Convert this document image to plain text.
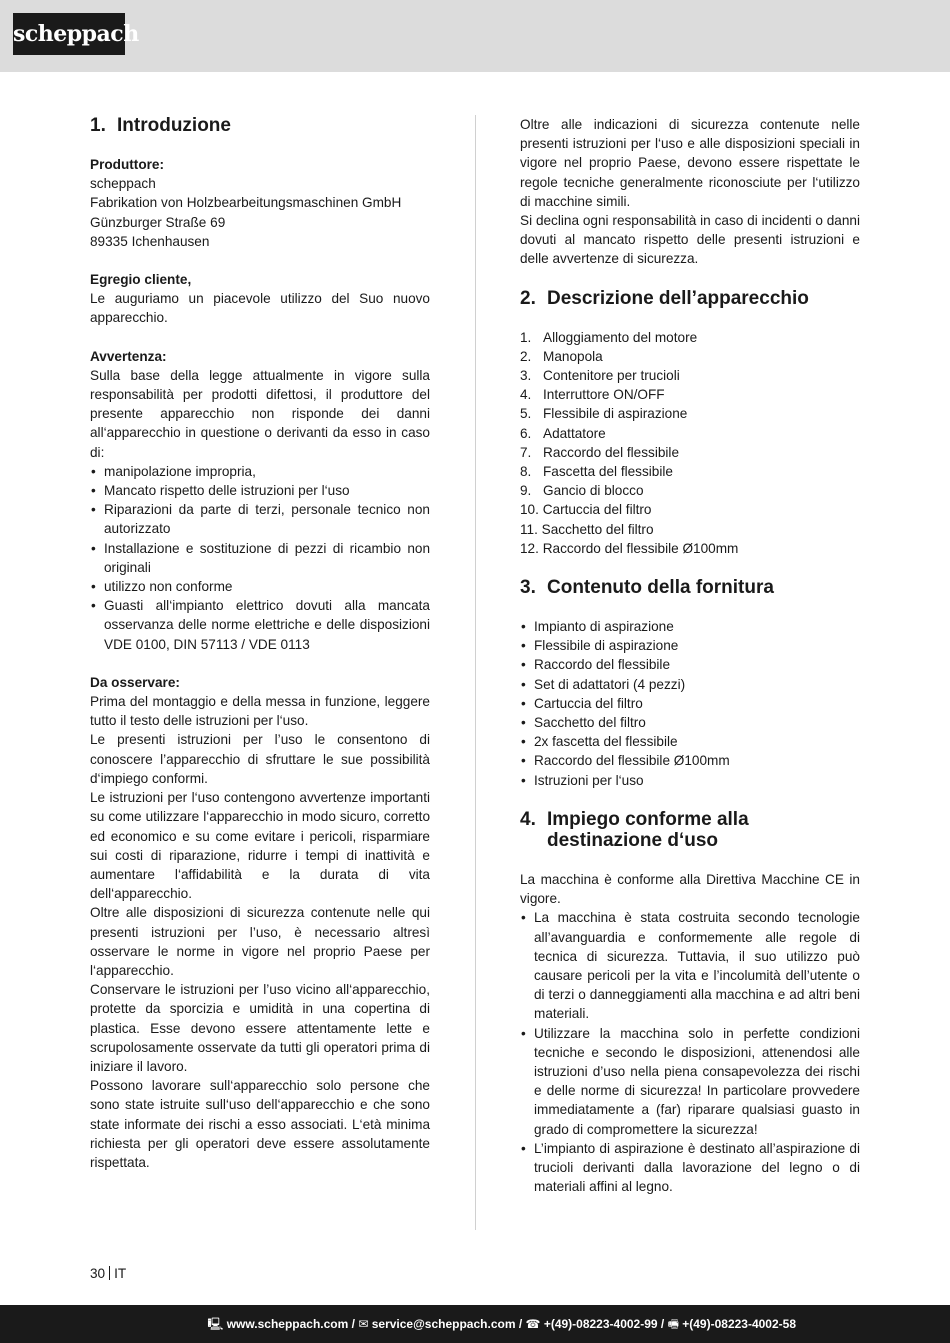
scheppach
1. Introduzione

Produttore:

scheppach

Fabrikation von Holzbearbeitungsmaschinen GmbH

Günzburger Straße 69

89335 Ichenhausen

Egregio cliente,

Le auguriamo un piacevole utilizzo del Suo nuovo apparecchio.

Avvertenza:

Sulla base della legge attualmente in vigore sulla responsabilità per prodotti difettosi, il produttore del presente apparecchio non risponde dei danni all‘apparecchio in questione o derivanti da esso in caso di:

• manipolazione impropria,
• Mancato rispetto delle istruzioni per l‘uso
• Riparazioni da parte di terzi, personale tecnico non autorizzato
• Installazione e sostituzione di pezzi di ricambio non originali
• utilizzo non conforme
• Guasti all‘impianto elettrico dovuti alla mancata osservanza delle norme elettriche e delle disposizioni VDE 0100, DIN 57113 / VDE 0113

Da osservare:

Prima del montaggio e della messa in funzione, leggere tutto il testo delle istruzioni per l‘uso.

Le presenti istruzioni per l’uso le consentono di conoscere l’apparecchio di sfruttare le sue possibilità d‘impiego conformi.

Le istruzioni per l‘uso contengono avvertenze importanti su come utilizzare l‘apparecchio in modo sicuro, corretto ed economico e su come evitare i pericoli, risparmiare sui costi di riparazione, ridurre i tempi di inattività e aumentare l‘affidabilità e la durata di vita dell‘apparecchio.

Oltre alle disposizioni di sicurezza contenute nelle qui presenti istruzioni per l’uso, è necessario altresì osservare le norme in vigore nel proprio Paese per l‘apparecchio.

Conservare le istruzioni per l’uso vicino all‘apparecchio, protette da sporcizia e umidità in una copertina di plastica. Esse devono essere attentamente lette e scrupolosamente osservate da tutti gli operatori prima di iniziare il lavoro.

Possono lavorare sull‘apparecchio solo persone che sono state istruite sull‘uso dell‘apparecchio e che sono state informate dei rischi a esso associati. L‘età minima richiesta per gli operatori deve essere assolutamente rispettata.

Oltre alle indicazioni di sicurezza contenute nelle presenti istruzioni per l‘uso e alle disposizioni speciali in vigore nel proprio Paese, devono essere rispettate le regole tecniche generalmente riconosciute per l‘utilizzo di macchine simili.

Si declina ogni responsabilità in caso di incidenti o danni dovuti al mancato rispetto delle presenti istruzioni e delle avvertenze di sicurezza.

2. Descrizione dell’apparecchio
1. Alloggiamento del motore
2. Manopola
3. Contenitore per trucioli
4. Interruttore ON/OFF
5. Flessibile di aspirazione
6. Adattatore
7. Raccordo del flessibile
8. Fascetta del flessibile
9. Gancio di blocco
10.
Cartuccia del filtro
11.
Sacchetto del filtro
12.
Raccordo del flessibile Ø100mm
3. Contenuto della fornitura
• Impianto di aspirazione
• Flessibile di aspirazione
• Raccordo del flessibile
• Set di adattatori (4 pezzi)
• Cartuccia del filtro
• Sacchetto del filtro
• 2x fascetta del flessibile
• Raccordo del flessibile Ø100mm
• Istruzioni per l‘uso
4. Impiego conforme alla
destinazione d‘uso

La macchina è conforme alla Direttiva Macchine CE in vigore.

• La macchina è stata costruita secondo tecnologie all’avanguardia e conformemente alle regole di tecnica di sicurezza. Tuttavia, il suo utilizzo può causare pericoli per la vita e l’incolumità dell’utente o di terzi o danneggiamenti alla macchina e ad altri beni materiali.
• Utilizzare la macchina solo in perfette condizioni tecniche e secondo le disposizioni, attenendosi alle istruzioni d’uso nella piena consapevolezza dei rischi e delle norme di sicurezza! In particolare provvedere immediatamente a (far) riparare qualsiasi guasto in grado di compromettere la sicurezza!
• L’impianto di aspirazione è destinato all’aspirazione di trucioli derivanti dalla lavorazione del legno o di materiali affini al legno.
30 IT
🖳 www.scheppach.com / ✉ service@scheppach.com / ☎ +(49)-08223-4002-99 / 🖷 +(49)-08223-4002-58
